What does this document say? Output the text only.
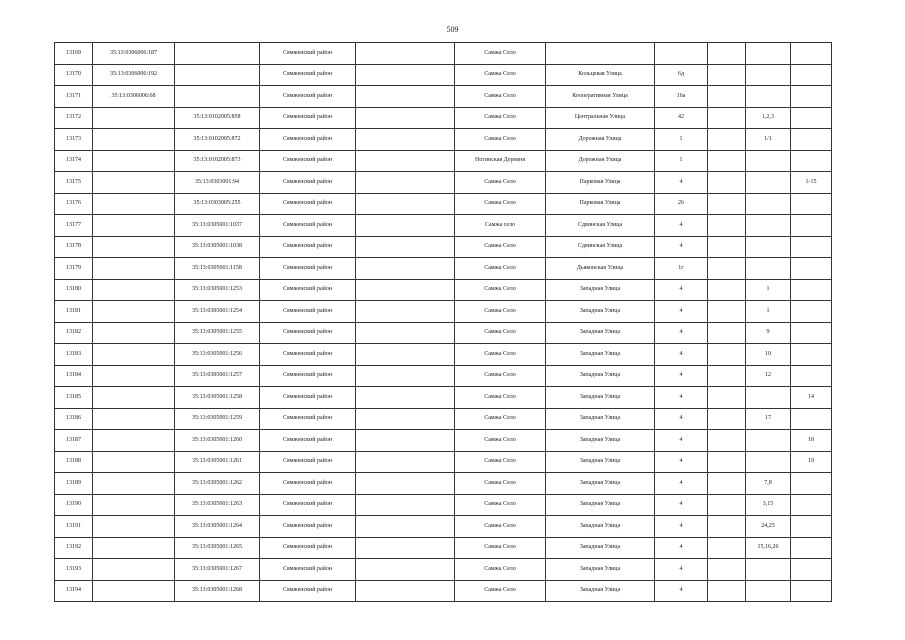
509
13169	35:13:0306006:187		Сямженский район		Самжа Село					
13170	35:13:0306006:192		Сямженский район		Самжа Село	Кольцевая Улица	6д			
13171	35:13:0306006:68		Сямженский район		Самжа Село	Кооперативная Улица	16а			
13172		35:13:0102005:858	Сямженский район		Самжа Село	Центральная Улица	42		1,2,3	
13173		35:13:0102005:872	Сямженский район		Самжа Село	Дорожная Улица	1		1/1	
13174		35:13:0102005:873	Сямженский район		Ногинская Деревня	Дорожная Улица	1			
13175		35:13:0303001:94	Сямженский район		Самжа Село	Парковая Улица	4			1-15
13176		35:13:0303005:255	Сямженский район		Самжа Село	Парковая Улица	26			
13177		35:13:0305001:1037	Сямженский район		Самжа село	Сдвинская Улица	4			
13178		35:13:0305001:1038	Сямженский район		Самжа Село	Сдвинская Улица	4			
13179		35:13:0305001:1158	Сямженский район		Самжа Село	Дьяконская Улица	1г			
13180		35:13:0305001:1253	Сямженский район		Самжа Село	Западная Улица	4		1	
13181		35:13:0305001:1254	Сямженский район		Самжа Село	Западная Улица	4		1	
13182		35:13:0305001:1255	Сямженский район		Самжа Село	Западная Улица	4		9	
13183		35:13:0305001:1256	Сямженский район		Самжа Село	Западная Улица	4		10	
13184		35:13:0305001:1257	Сямженский район		Самжа Село	Западная Улица	4		12	
13185		35:13:0305001:1258	Сямженский район		Самжа Село	Западная Улица	4			14
13186		35:13:0305001:1259	Сямженский район		Самжа Село	Западная Улица	4		17	
13187		35:13:0305001:1260	Сямженский район		Самжа Село	Западная Улица	4			18
13188		35:13:0305001:1261	Сямженский район		Самжа Село	Западная Улица	4			19
13189		35:13:0305001:1262	Сямженский район		Самжа Село	Западная Улица	4		7,8	
13190		35:13:0305001:1263	Сямженский район		Самжа Село	Западная Улица	4		3,15	
13191		35:13:0305001:1264	Сямженский район		Самжа Село	Западная Улица	4		24,25	
13192		35:13:0305001:1265	Сямженский район		Самжа Село	Западная Улица	4		15,16,26	
13193		35:13:0305001:1267	Сямженский район		Самжа Село	Западная Улица	4			
13194		35:13:0305001:1268	Сямженский район		Самжа Село	Западная Улица	4			
